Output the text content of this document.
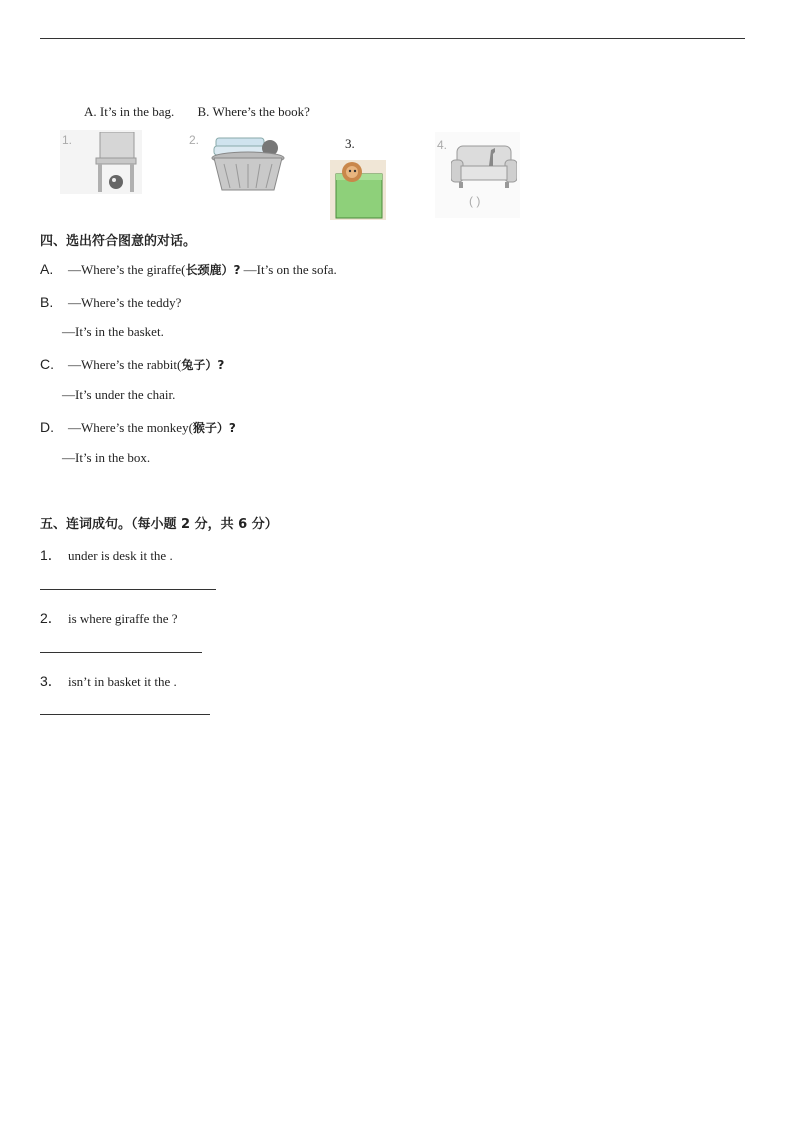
A. It’s in the bag. B. Where’s the book?
1.	2.	3.	4.
( )
四、选出符合图意的对话。
A. —Where’s the giraffe(长颈鹿）? —It’s on the sofa.
B. —Where’s the teddy?
—It’s in the basket.
C. —Where’s the rabbit(兔子）?
—It’s under the chair.
D. —Where’s the monkey(猴子）?
—It’s in the box.
五、连词成句。（每小题 2 分，共 6 分）
1． under is desk it the .
2． is where giraffe the ?
3． isn’t in basket it the .
